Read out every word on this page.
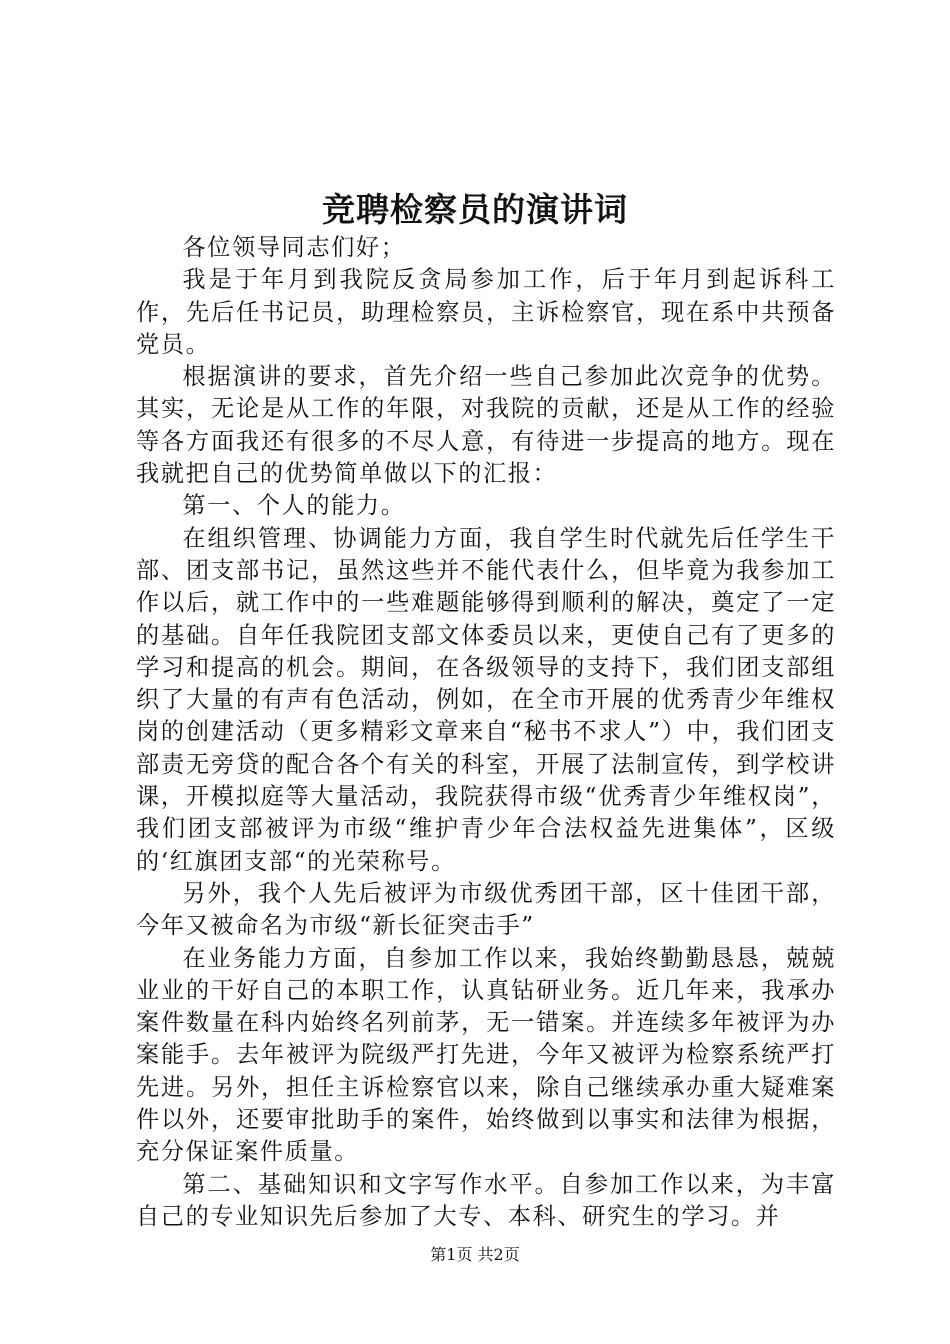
竞聘检察员的演讲词

各位领导同志们好；

我是于年月到我院反贪局参加工作，后于年月到起诉科工作，先后任书记员，助理检察员，主诉检察官，现在系中共预备党员。

根据演讲的要求，首先介绍一些自己参加此次竞争的优势。其实，无论是从工作的年限，对我院的贡献，还是从工作的经验等各方面我还有很多的不尽人意，有待进一步提高的地方。现在我就把自己的优势简单做以下的汇报：

第一、个人的能力。

在组织管理、协调能力方面，我自学生时代就先后任学生干部、团支部书记，虽然这些并不能代表什么，但毕竟为我参加工作以后，就工作中的一些难题能够得到顺利的解决，奠定了一定的基础。自年任我院团支部文体委员以来，更使自己有了更多的学习和提高的机会。期间，在各级领导的支持下，我们团支部组织了大量的有声有色活动，例如，在全市开展的优秀青少年维权岗的创建活动（更多精彩文章来自“秘书不求人”）中，我们团支部责无旁贷的配合各个有关的科室，开展了法制宣传，到学校讲课，开模拟庭等大量活动，我院获得市级“优秀青少年维权岗”，我们团支部被评为市级“维护青少年合法权益先进集体”，区级的‘红旗团支部“的光荣称号。

另外，我个人先后被评为市级优秀团干部，区十佳团干部，今年又被命名为市级“新长征突击手”

在业务能力方面，自参加工作以来，我始终勤勤恳恳，兢兢业业的干好自己的本职工作，认真钻研业务。近几年来，我承办案件数量在科内始终名列前茅，无一错案。并连续多年被评为办案能手。去年被评为院级严打先进，今年又被评为检察系统严打先进。另外，担任主诉检察官以来，除自己继续承办重大疑难案件以外，还要审批助手的案件，始终做到以事实和法律为根据，充分保证案件质量。

第二、基础知识和文字写作水平。自参加工作以来，为丰富自己的专业知识先后参加了大专、本科、研究生的学习。并

第1页 共2页
